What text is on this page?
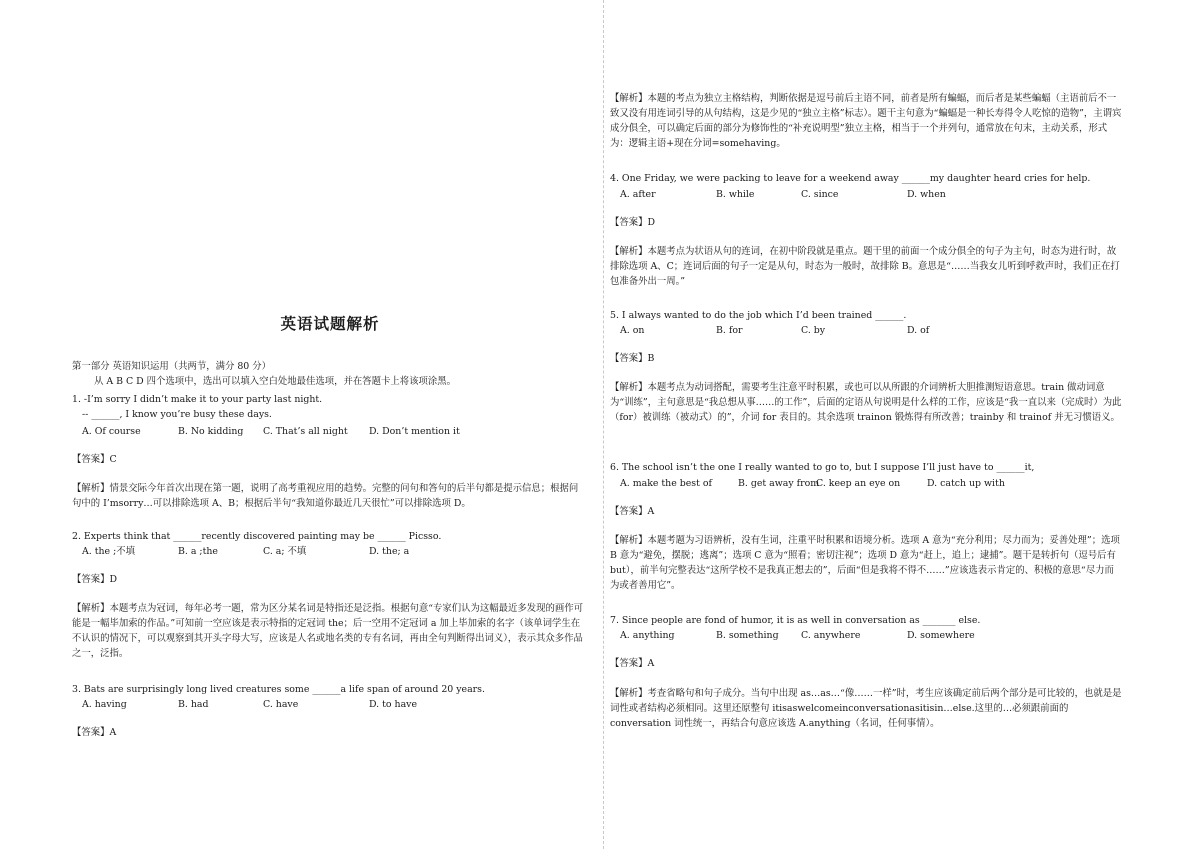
英语试题解析
第一部分 英语知识运用（共两节，满分 80 分）
从 A B C D 四个选项中，选出可以填入空白处地最佳选项，并在答题卡上将该项涂黑。
1. -I’m sorry I didn’t make it to your party last night.
-- ______, I know you’re busy these days.
A. Of course	B. No kidding C. That’s all night D. Don’t mention it
【答案】C
【解析】情景交际今年首次出现在第一题，说明了高考重视应用的趋势。完整的问句和答句的后半句都是提示信息；根据问句中的 I’msorry…可以排除选项 A、B；根据后半句“我知道你最近几天很忙”可以排除选项 D。
2. Experts think that ______recently discovered painting may be ______ Picsso.
A. the ;不填	B. a ;the	C. a; 不填	D. the; a
【答案】D
【解析】本题考点为冠词，每年必考一题，常为区分某名词是特指还是泛指。根据句意“专家们认为这幅最近多发现的画作可能是一幅毕加索的作品。”可知前一空应该是表示特指的定冠词 the；后一空用不定冠词 a 加上毕加索的名字（该单词学生在不认识的情况下，可以观察到其开头字母大写，应该是人名或地名类的专有名词，再由全句判断得出词义），表示其众多作品之一，泛指。
3. Bats are surprisingly long lived creatures some ______a life span of around 20 years.
A. having	B. had	C. have	D. to have
【答案】A
【解析】本题的考点为独立主格结构，判断依据是逗号前后主语不同，前者是所有蝙蝠，而后者是某些蝙蝠（主语前后不一致又没有用连词引导的从句结构，这是少见的“独立主格”标志）。题干主句意为“蝙蝠是一种长寿得令人吃惊的造物”，主谓宾成分俱全，可以确定后面的部分为修饰性的“补充说明型”独立主格，相当于一个并列句，通常放在句末，主动关系，形式为：逻辑主语+现在分词=somehaving。
4. One Friday, we were packing to leave for a weekend away ______my daughter heard cries for help.
A. after	B. while	C. since	D. when
【答案】D
【解析】本题考点为状语从句的连词，在初中阶段就是重点。题干里的前面一个成分俱全的句子为主句，时态为进行时，故排除选项 A、C；连词后面的句子一定是从句，时态为一般时，故排除 B。意思是“……当我女儿听到呼救声时，我们正在打包准备外出一周。”
5. I always wanted to do the job which I’d been trained ______.
A. on	B. for	C. by	D. of
【答案】B
【解析】本题考点为动词搭配，需要考生注意平时积累，或也可以从所跟的介词辨析大胆推测短语意思。train 做动词意为“训练”，主句意思是“我总想从事……的工作”，后面的定语从句说明是什么样的工作，应该是“我一直以来（完成时）为此（for）被训练（被动式）的”，介词 for 表目的。其余选项 trainon 锻炼得有所改善；trainby 和 trainof 并无习惯语义。
6. The school isn’t the one I really wanted to go to, but I suppose I’ll just have to ______it,
A. make the best of	B. get away from
C. keep an eye on	D. catch up with
【答案】A
【解析】本题考题为习语辨析，没有生词，注重平时积累和语境分析。选项 A 意为“充分利用；尽力而为；妥善处理”；选项 B 意为“避免，摆脱；逃离”；选项 C 意为“照看；密切注视”；选项 D 意为“赶上，追上；逮捕”。题干是转折句（逗号后有 but），前半句完整表达“这所学校不是我真正想去的”，后面“但是我将不得不……”应该选表示肯定的、积极的意思“尽力而为或者善用它”。
7. Since people are fond of humor, it is as well in conversation as _______ else.
A. anything	B. something C. anywhere	D. somewhere
【答案】A
【解析】考查省略句和句子成分。当句中出现 as…as…“像……一样”时，考生应该确定前后两个部分是可比较的，也就是是词性或者结构必须相同。这里还原整句 itisaswelcomeinconversationasitisin…else.这里的…必须跟前面的 conversation 词性统一，再结合句意应该选 A.anything（名词，任何事情）。
